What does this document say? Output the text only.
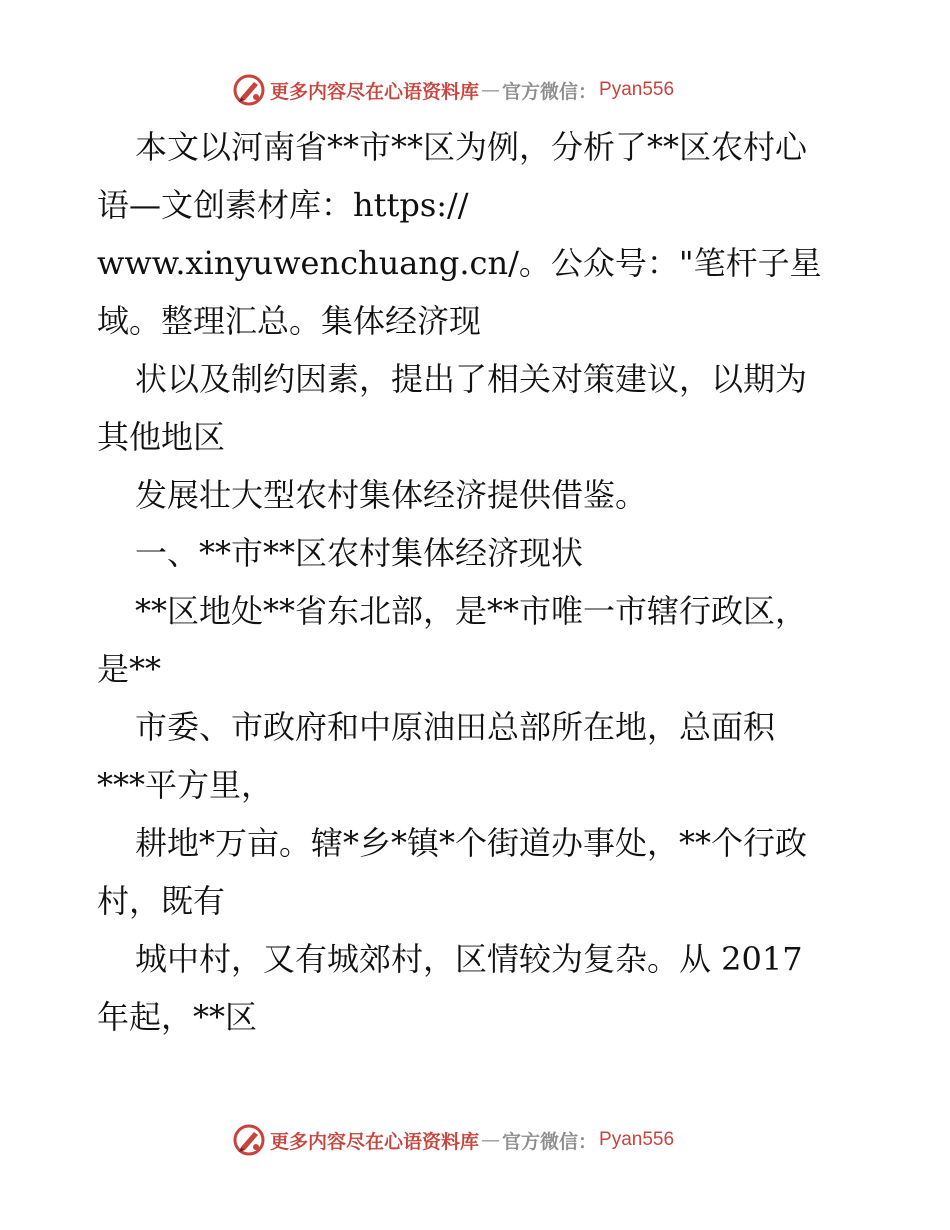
更多内容尽在心语资料库 — 官方微信： Pyan556
本文以河南省**市**区为例，分析了**区农村心
语—文创素材库：https://
www.xinyuwenchuang.cn/。公众号："笔杆子星
域。整理汇总。集体经济现
状以及制约因素，提出了相关对策建议，以期为
其他地区
发展壮大型农村集体经济提供借鉴。
一、**市**区农村集体经济现状
**区地处**省东北部，是**市唯一市辖行政区，
是**
市委、市政府和中原油田总部所在地，总面积
***平方里，
耕地*万亩。辖*乡*镇*个街道办事处，**个行政
村，既有
城中村，又有城郊村，区情较为复杂。从 2017
年起，**区
更多内容尽在心语资料库 — 官方微信： Pyan556
